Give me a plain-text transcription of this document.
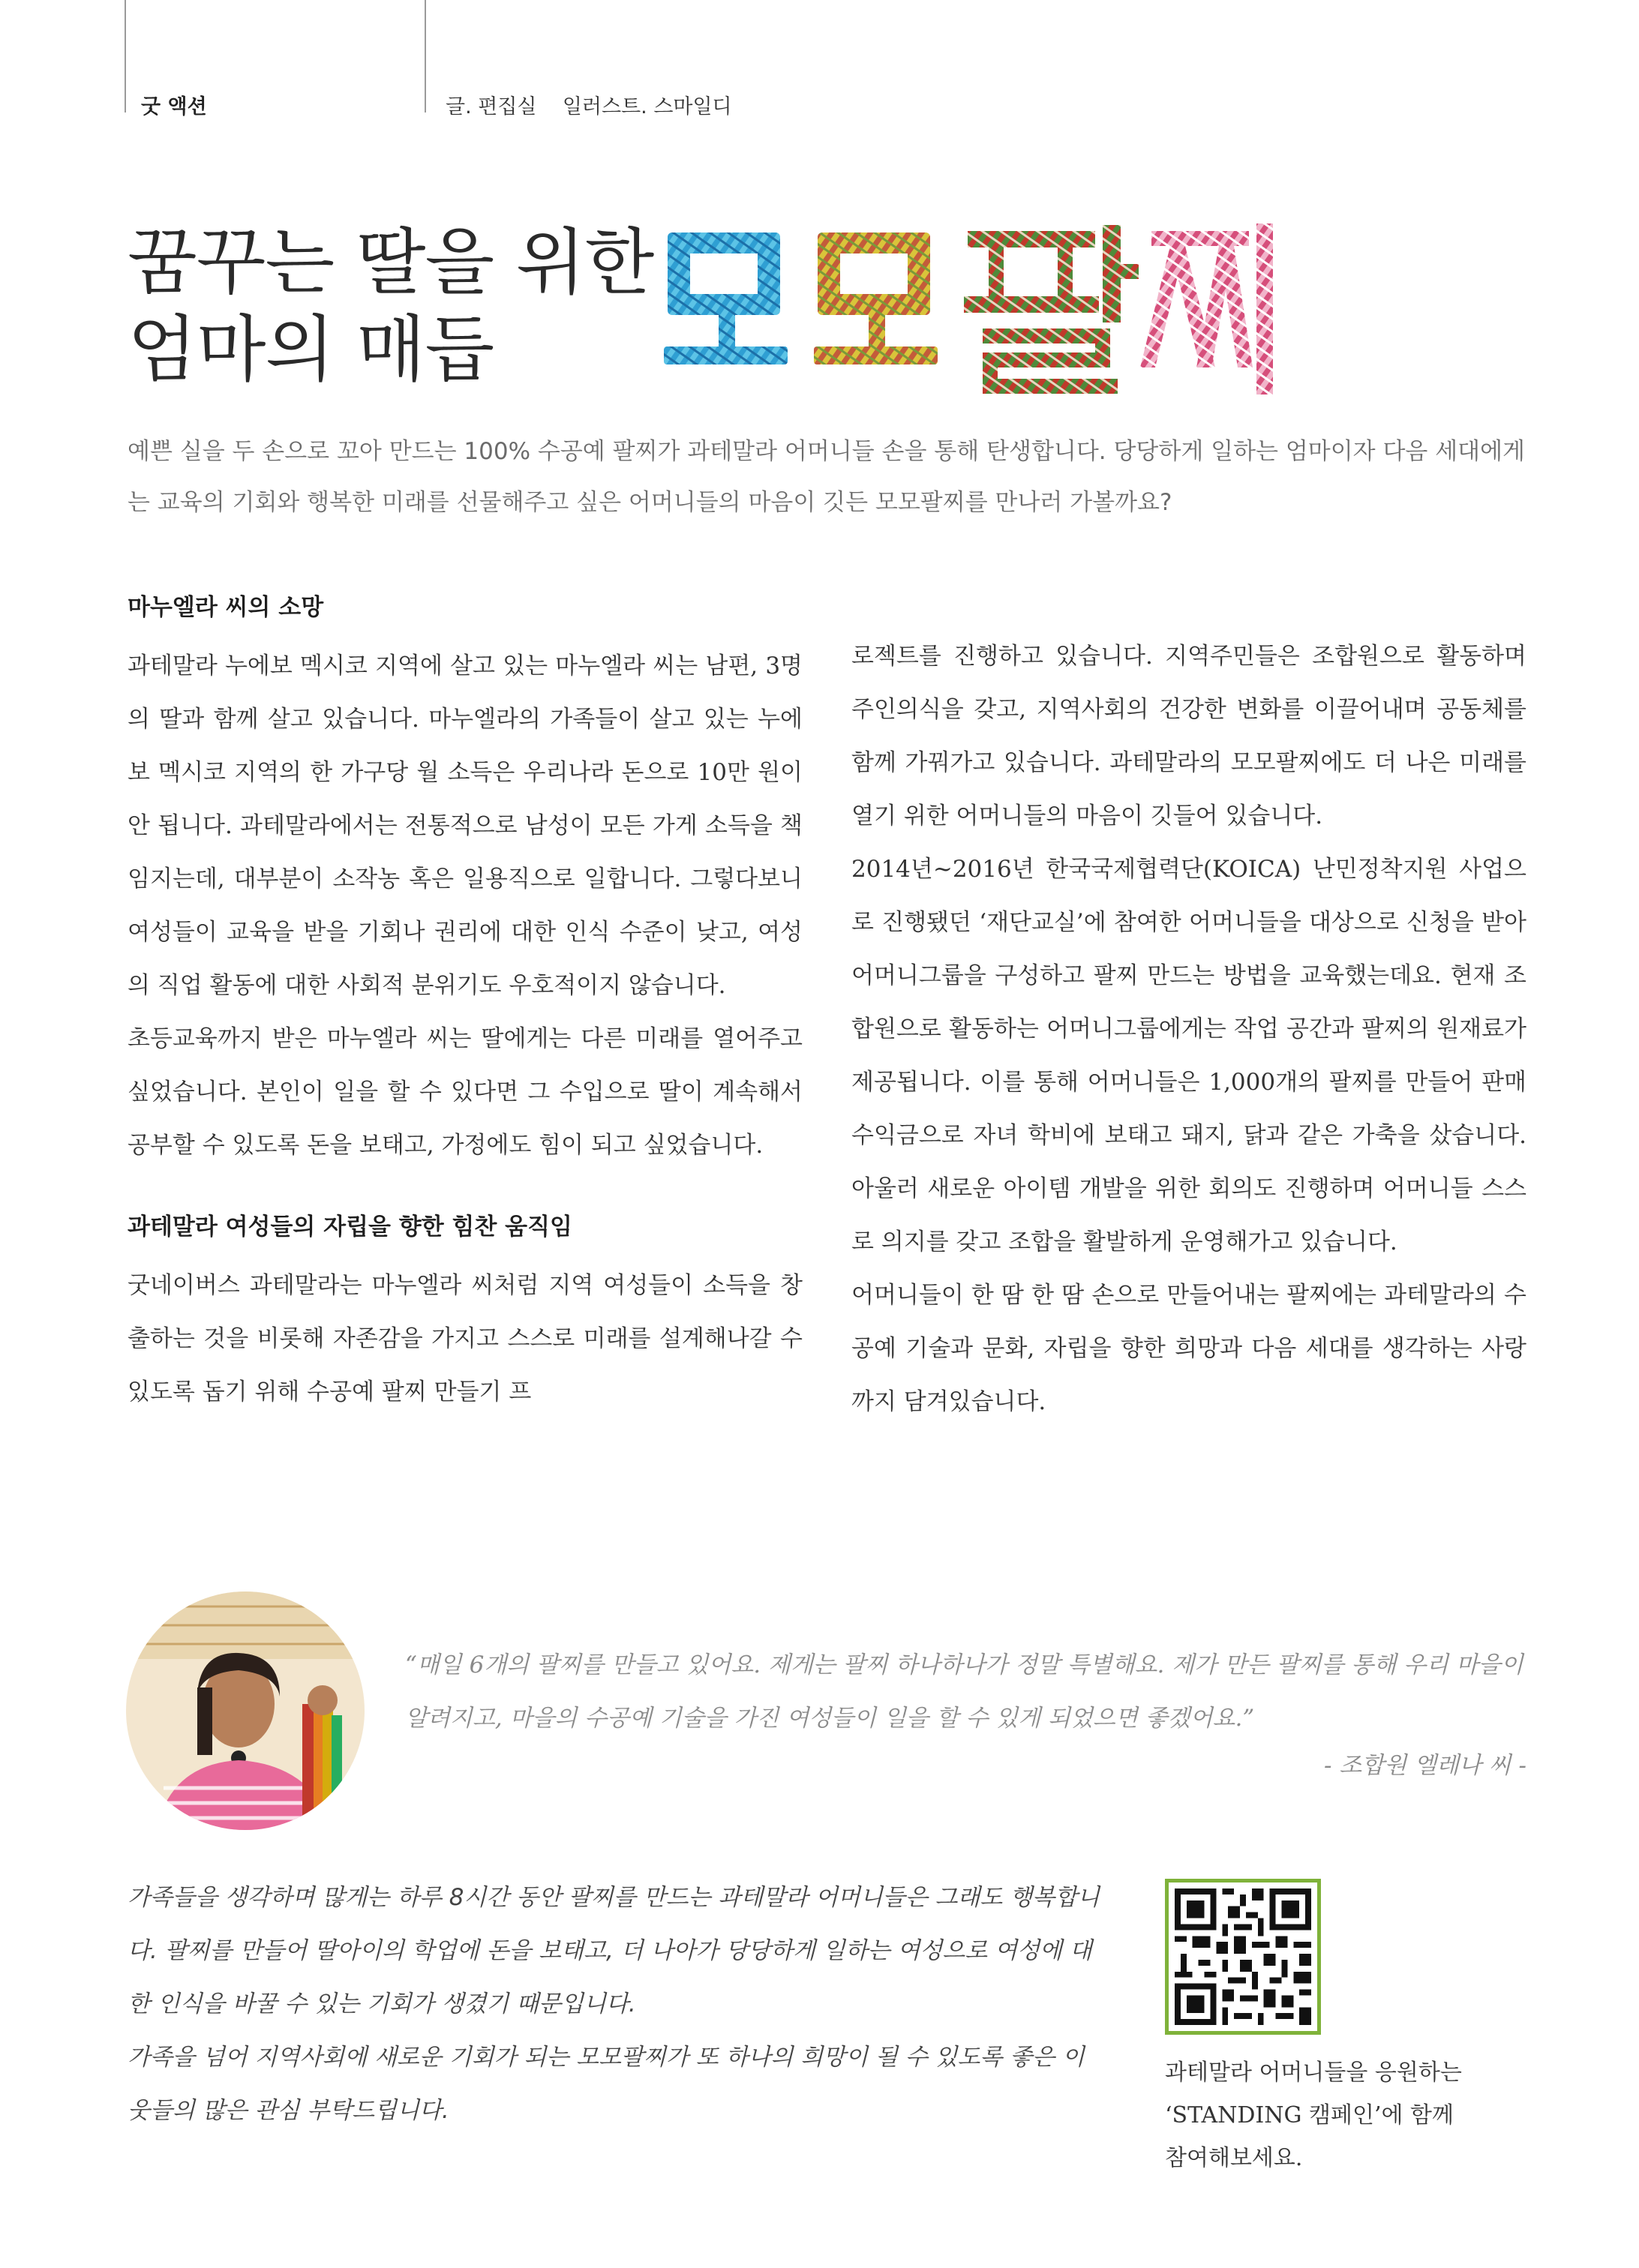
굿 액션	글. 편집실    일러스트. 스마일디
꿈꾸는 딸을 위한
엄마의 매듭
예쁜 실을 두 손으로 꼬아 만드는 100% 수공예 팔찌가 과테말라 어머니들 손을 통해 탄생합니다. 당당하게 일하는 엄마이자 다음 세대에게는 교육의 기회와 행복한 미래를 선물해주고 싶은 어머니들의 마음이 깃든 모모팔찌를 만나러 가볼까요?
마누엘라 씨의 소망

과테말라 누에보 멕시코 지역에 살고 있는 마누엘라 씨는 남편, 3명의 딸과 함께 살고 있습니다. 마누엘라의 가족들이 살고 있는 누에보 멕시코 지역의 한 가구당 월 소득은 우리나라 돈으로 10만 원이 안 됩니다. 과테말라에서는 전통적으로 남성이 모든 가게 소득을 책임지는데, 대부분이 소작농 혹은 일용직으로 일합니다. 그렇다보니 여성들이 교육을 받을 기회나 권리에 대한 인식 수준이 낮고, 여성의 직업 활동에 대한 사회적 분위기도 우호적이지 않습니다.

초등교육까지 받은 마누엘라 씨는 딸에게는 다른 미래를 열어주고 싶었습니다. 본인이 일을 할 수 있다면 그 수입으로 딸이 계속해서 공부할 수 있도록 돈을 보태고, 가정에도 힘이 되고 싶었습니다.

과테말라 여성들의 자립을 향한 힘찬 움직임

굿네이버스 과테말라는 마누엘라 씨처럼 지역 여성들이 소득을 창출하는 것을 비롯해 자존감을 가지고 스스로 미래를 설계해나갈 수 있도록 돕기 위해 수공예 팔찌 만들기 프

로젝트를 진행하고 있습니다. 지역주민들은 조합원으로 활동하며 주인의식을 갖고, 지역사회의 건강한 변화를 이끌어내며 공동체를 함께 가꿔가고 있습니다. 과테말라의 모모팔찌에도 더 나은 미래를 열기 위한 어머니들의 마음이 깃들어 있습니다.

2014년~2016년 한국국제협력단(KOICA) 난민정착지원 사업으로 진행됐던 ‘재단교실’에 참여한 어머니들을 대상으로 신청을 받아 어머니그룹을 구성하고 팔찌 만드는 방법을 교육했는데요. 현재 조합원으로 활동하는 어머니그룹에게는 작업 공간과 팔찌의 원재료가 제공됩니다. 이를 통해 어머니들은 1,000개의 팔찌를 만들어 판매 수익금으로 자녀 학비에 보태고 돼지, 닭과 같은 가축을 샀습니다. 아울러 새로운 아이템 개발을 위한 회의도 진행하며 어머니들 스스로 의지를 갖고 조합을 활발하게 운영해가고 있습니다.

어머니들이 한 땀 한 땀 손으로 만들어내는 팔찌에는 과테말라의 수공예 기술과 문화, 자립을 향한 희망과 다음 세대를 생각하는 사랑까지 담겨있습니다.

“매일 6개의 팔찌를 만들고 있어요. 제게는 팔찌 하나하나가 정말 특별해요. 제가 만든 팔찌를 통해 우리 마을이 알려지고, 마을의 수공예 기술을 가진 여성들이 일을 할 수 있게 되었으면 좋겠어요.”
- 조합원 엘레나 씨 -
가족들을 생각하며 많게는 하루 8시간 동안 팔찌를 만드는 과테말라 어머니들은 그래도 행복합니다. 팔찌를 만들어 딸아이의 학업에 돈을 보태고, 더 나아가 당당하게 일하는 여성으로 여성에 대한 인식을 바꿀 수 있는 기회가 생겼기 때문입니다.
가족을 넘어 지역사회에 새로운 기회가 되는 모모팔찌가 또 하나의 희망이 될 수 있도록 좋은 이웃들의 많은 관심 부탁드립니다.
과테말라 어머니들을 응원하는
‘STANDING 캠페인’에 함께
참여해보세요.
